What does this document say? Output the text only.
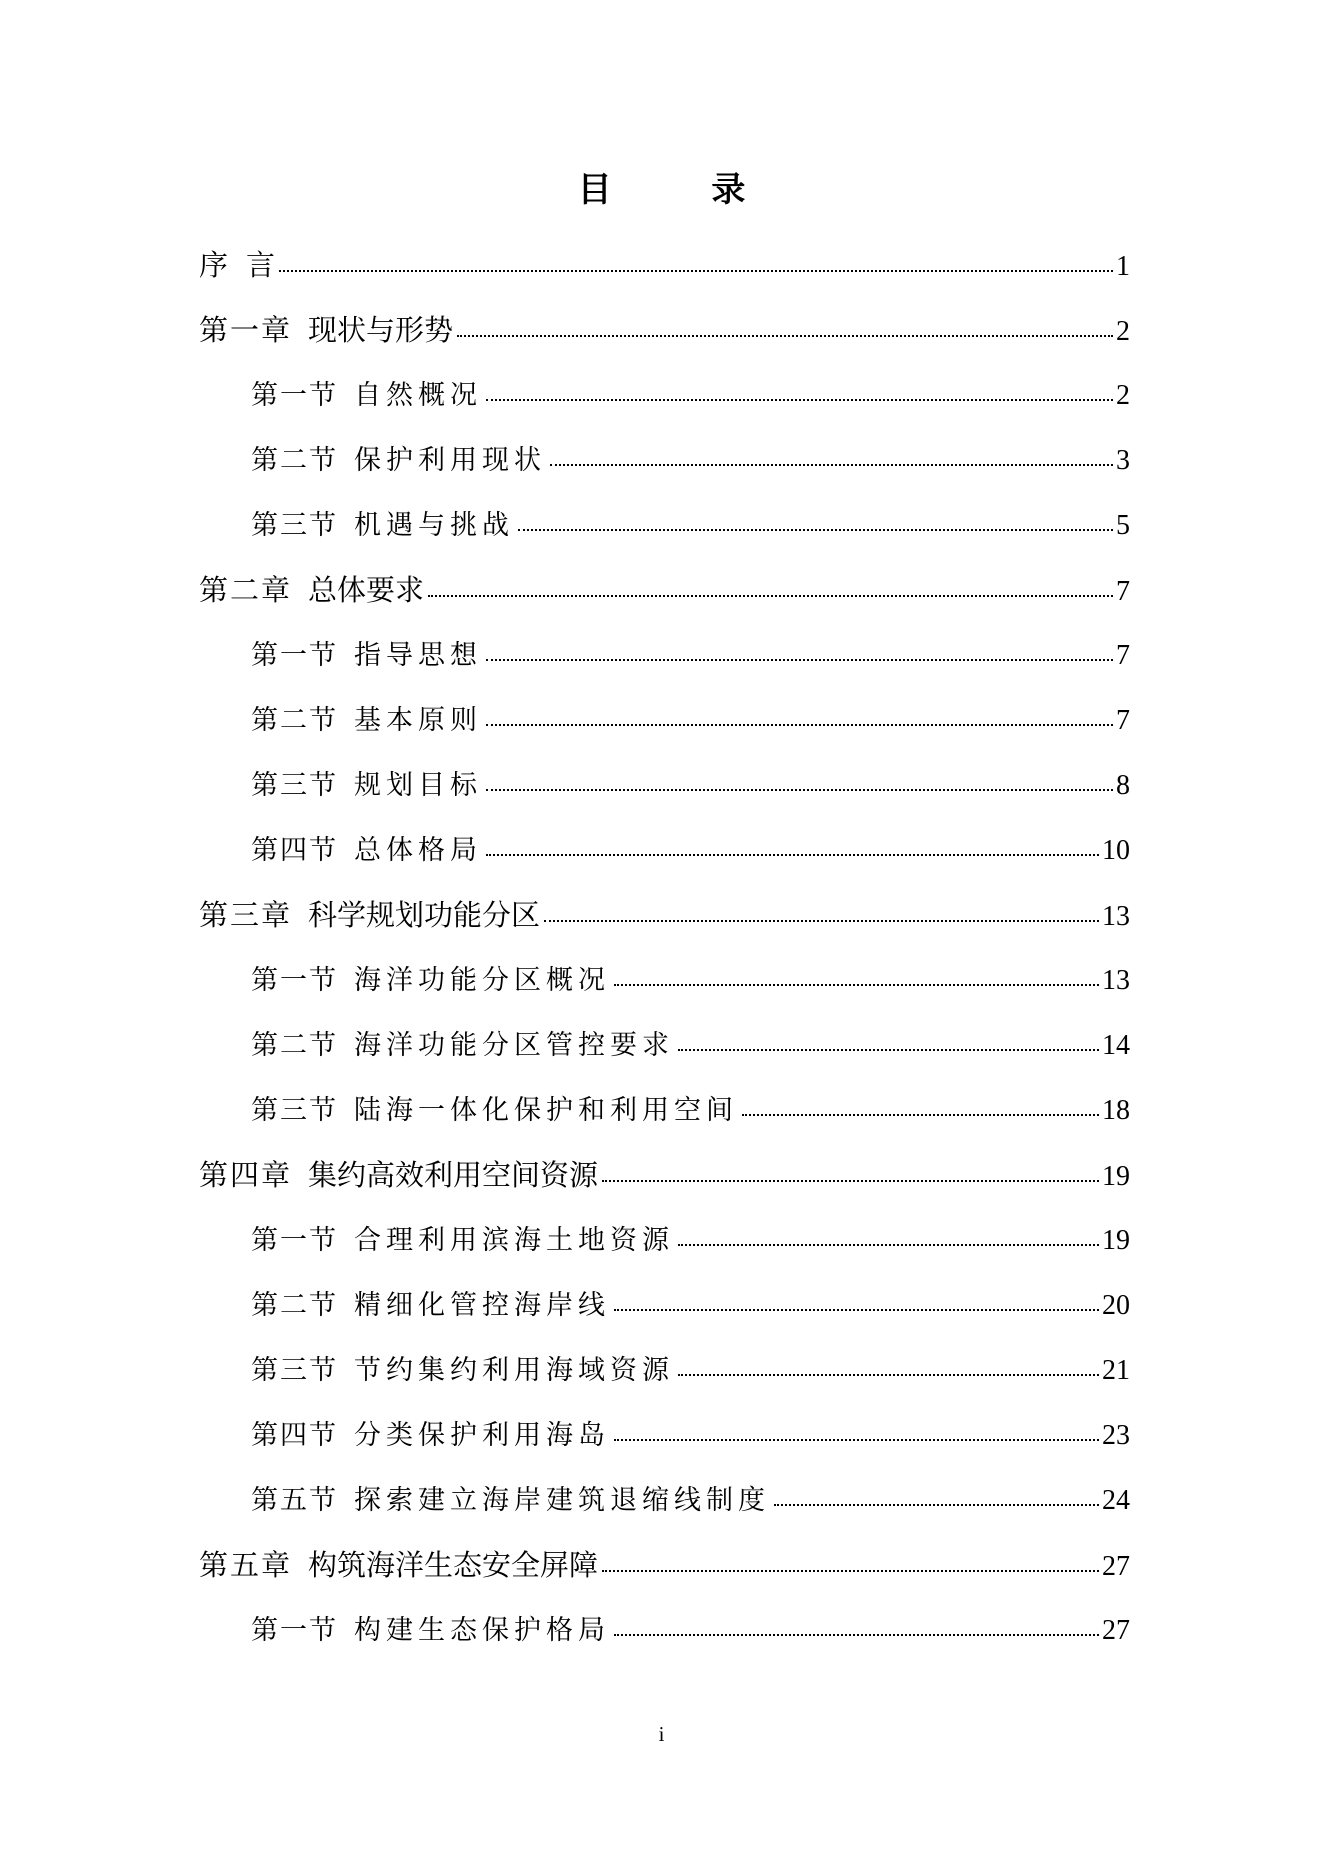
目 录
序 言	1
第一章 现状与形势	2
第一节 自然概况	2
第二节 保护利用现状	3
第三节 机遇与挑战	5
第二章 总体要求	7
第一节 指导思想	7
第二节 基本原则	7
第三节 规划目标	8
第四节 总体格局	10
第三章 科学规划功能分区	13
第一节 海洋功能分区概况	13
第二节 海洋功能分区管控要求	14
第三节 陆海一体化保护和利用空间	18
第四章 集约高效利用空间资源	19
第一节 合理利用滨海土地资源	19
第二节 精细化管控海岸线	20
第三节 节约集约利用海域资源	21
第四节 分类保护利用海岛	23
第五节 探索建立海岸建筑退缩线制度	24
第五章 构筑海洋生态安全屏障	27
第一节 构建生态保护格局	27
i
